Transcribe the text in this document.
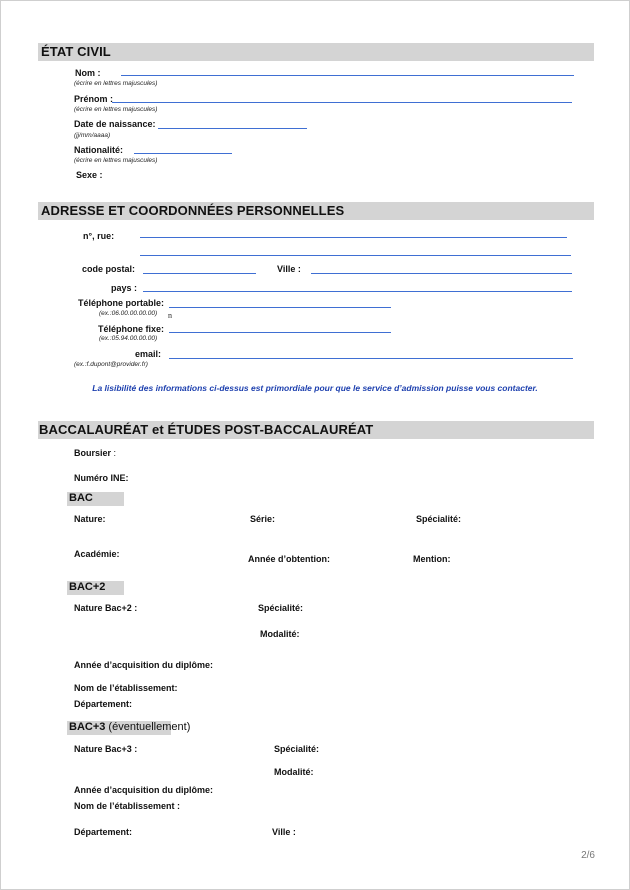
ÉTAT CIVIL
Nom :
(écrire en lettres majuscules)
Prénom :
(écrire en lettres majuscules)
Date de naissance:
(jj/mm/aaaa)
Nationalité:
(écrire en lettres majuscules)
Sexe :
ADRESSE ET COORDONNÉES PERSONNELLES
n°, rue:
code postal:	Ville :
pays :
Téléphone portable:
(ex.:06.00.00.00.00) n
Téléphone fixe:
(ex.:05.94.00.00.00)
email:
(ex.:f.dupont@provider.fr)
La lisibilité des informations ci-dessus est primordiale pour que le service d’admission puisse vous contacter.
BACCALAURÉAT et ÉTUDES POST-BACCALAURÉAT
Boursier :
Numéro INE:
BAC
Nature:	Série:	Spécialité:
Académie:	Année d’obtention:	Mention:
BAC+2
Nature Bac+2 :	Spécialité:
Modalité:
Année d’acquisition du diplôme:
Nom de l’établissement:
Département:
BAC+3 (éventuellement)
Nature Bac+3 :	Spécialité:
Modalité:
Année d’acquisition du diplôme:
Nom de l’établissement :
Département:	Ville :
2/6
